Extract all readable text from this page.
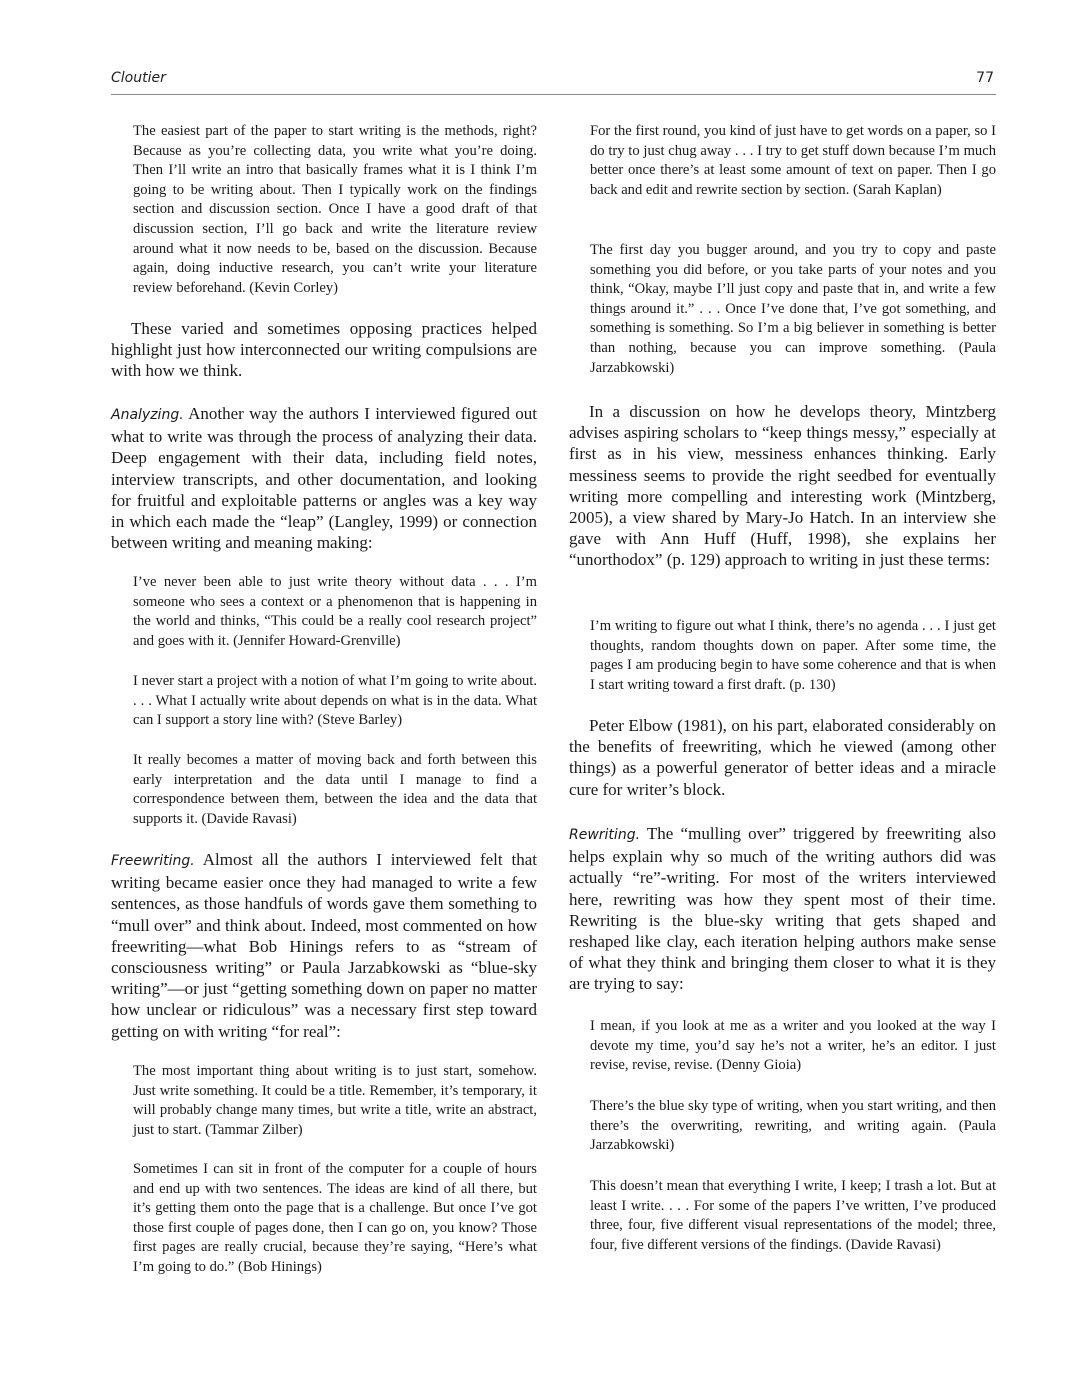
Cloutier	77
The easiest part of the paper to start writing is the methods, right? Because as you’re collecting data, you write what you’re doing. Then I’ll write an intro that basically frames what it is I think I’m going to be writing about. Then I typically work on the findings section and discussion section. Once I have a good draft of that discussion section, I’ll go back and write the literature review around what it now needs to be, based on the discussion. Because again, doing inductive research, you can’t write your literature review beforehand. (Kevin Corley)
These varied and sometimes opposing practices helped highlight just how interconnected our writing compulsions are with how we think.
Analyzing. Another way the authors I interviewed figured out what to write was through the process of analyzing their data. Deep engagement with their data, including field notes, interview transcripts, and other documentation, and looking for fruitful and exploitable patterns or angles was a key way in which each made the “leap” (Langley, 1999) or connection between writing and meaning making:
I’ve never been able to just write theory without data . . . I’m someone who sees a context or a phenomenon that is happening in the world and thinks, “This could be a really cool research project” and goes with it. (Jennifer Howard-Grenville)
I never start a project with a notion of what I’m going to write about. . . . What I actually write about depends on what is in the data. What can I support a story line with? (Steve Barley)
It really becomes a matter of moving back and forth between this early interpretation and the data until I manage to find a correspondence between them, between the idea and the data that supports it. (Davide Ravasi)
Freewriting. Almost all the authors I interviewed felt that writing became easier once they had managed to write a few sentences, as those handfuls of words gave them something to “mull over” and think about. Indeed, most commented on how freewriting—what Bob Hinings refers to as “stream of consciousness writing” or Paula Jarzabkowski as “blue-sky writing”—or just “getting something down on paper no matter how unclear or ridiculous” was a necessary first step toward getting on with writing “for real”:
The most important thing about writing is to just start, somehow. Just write something. It could be a title. Remember, it’s temporary, it will probably change many times, but write a title, write an abstract, just to start. (Tammar Zilber)
Sometimes I can sit in front of the computer for a couple of hours and end up with two sentences. The ideas are kind of all there, but it’s getting them onto the page that is a challenge. But once I’ve got those first couple of pages done, then I can go on, you know? Those first pages are really crucial, because they’re saying, “Here’s what I’m going to do.” (Bob Hinings)
For the first round, you kind of just have to get words on a paper, so I do try to just chug away . . . I try to get stuff down because I’m much better once there’s at least some amount of text on paper. Then I go back and edit and rewrite section by section. (Sarah Kaplan)
The first day you bugger around, and you try to copy and paste something you did before, or you take parts of your notes and you think, “Okay, maybe I’ll just copy and paste that in, and write a few things around it.” . . . Once I’ve done that, I’ve got something, and something is something. So I’m a big believer in something is better than nothing, because you can improve something. (Paula Jarzabkowski)
In a discussion on how he develops theory, Mintzberg advises aspiring scholars to “keep things messy,” especially at first as in his view, messiness enhances thinking. Early messiness seems to provide the right seedbed for eventually writing more compelling and interesting work (Mintzberg, 2005), a view shared by Mary-Jo Hatch. In an interview she gave with Ann Huff (Huff, 1998), she explains her “unorthodox” (p. 129) approach to writing in just these terms:
I’m writing to figure out what I think, there’s no agenda . . . I just get thoughts, random thoughts down on paper. After some time, the pages I am producing begin to have some coherence and that is when I start writing toward a first draft. (p. 130)
Peter Elbow (1981), on his part, elaborated considerably on the benefits of freewriting, which he viewed (among other things) as a powerful generator of better ideas and a miracle cure for writer’s block.
Rewriting. The “mulling over” triggered by freewriting also helps explain why so much of the writing authors did was actually “re”-writing. For most of the writers interviewed here, rewriting was how they spent most of their time. Rewriting is the blue-sky writing that gets shaped and reshaped like clay, each iteration helping authors make sense of what they think and bringing them closer to what it is they are trying to say:
I mean, if you look at me as a writer and you looked at the way I devote my time, you’d say he’s not a writer, he’s an editor. I just revise, revise, revise. (Denny Gioia)
There’s the blue sky type of writing, when you start writing, and then there’s the overwriting, rewriting, and writing again. (Paula Jarzabkowski)
This doesn’t mean that everything I write, I keep; I trash a lot. But at least I write. . . . For some of the papers I’ve written, I’ve produced three, four, five different visual representations of the model; three, four, five different versions of the findings. (Davide Ravasi)
